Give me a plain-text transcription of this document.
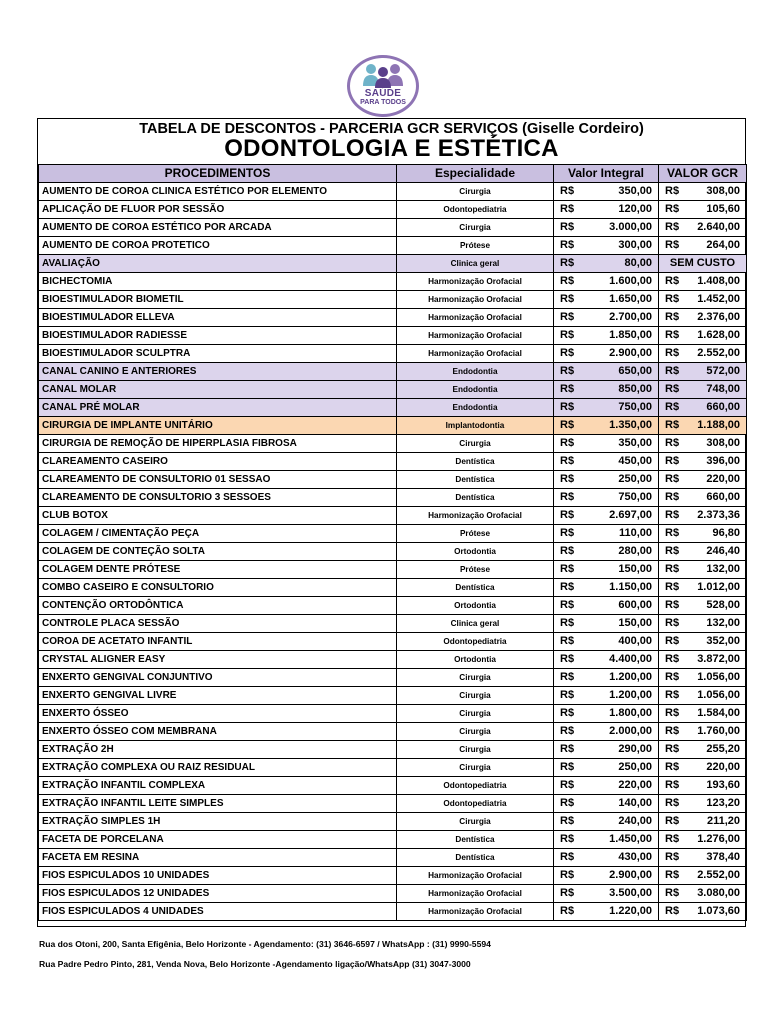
SAÚDE
PARA TODOS
TABELA DE DESCONTOS - PARCERIA GCR SERVIÇOS (Giselle Cordeiro)
ODONTOLOGIA E ESTÉTICA
PROCEDIMENTOS	Especialidade	Valor Integral		VALOR GCR	
AUMENTO DE COROA CLINICA ESTÉTICO POR ELEMENTO	Cirurgia	R$	350,00	R$	308,00
APLICAÇÃO DE FLUOR POR SESSÃO	Odontopediatria	R$	120,00	R$	105,60
AUMENTO DE COROA ESTÉTICO POR ARCADA	Cirurgia	R$	3.000,00	R$	2.640,00
AUMENTO DE COROA PROTETICO	Prótese	R$	300,00	R$	264,00
AVALIAÇÃO	Clinica geral	R$	80,00	SEM CUSTO	
BICHECTOMIA	Harmonização Orofacial	R$	1.600,00	R$	1.408,00
BIOESTIMULADOR BIOMETIL	Harmonização Orofacial	R$	1.650,00	R$	1.452,00
BIOESTIMULADOR ELLEVA	Harmonização Orofacial	R$	2.700,00	R$	2.376,00
BIOESTIMULADOR RADIESSE	Harmonização Orofacial	R$	1.850,00	R$	1.628,00
BIOESTIMULADOR SCULPTRA	Harmonização Orofacial	R$	2.900,00	R$	2.552,00
CANAL CANINO E ANTERIORES	Endodontia	R$	650,00	R$	572,00
CANAL MOLAR	Endodontia	R$	850,00	R$	748,00
CANAL PRÉ MOLAR	Endodontia	R$	750,00	R$	660,00
CIRURGIA DE IMPLANTE UNITÁRIO	Implantodontia	R$	1.350,00	R$	1.188,00
CIRURGIA DE REMOÇÃO DE HIPERPLASIA FIBROSA	Cirurgia	R$	350,00	R$	308,00
CLAREAMENTO CASEIRO	Dentística	R$	450,00	R$	396,00
CLAREAMENTO DE CONSULTORIO 01 SESSAO	Dentística	R$	250,00	R$	220,00
CLAREAMENTO DE CONSULTORIO 3 SESSOES	Dentística	R$	750,00	R$	660,00
CLUB BOTOX	Harmonização Orofacial	R$	2.697,00	R$	2.373,36
COLAGEM / CIMENTAÇÃO PEÇA	Prótese	R$	110,00	R$	96,80
COLAGEM DE CONTEÇÃO SOLTA	Ortodontia	R$	280,00	R$	246,40
COLAGEM DENTE PRÓTESE	Prótese	R$	150,00	R$	132,00
COMBO CASEIRO E CONSULTORIO	Dentística	R$	1.150,00	R$	1.012,00
CONTENÇÃO ORTODÔNTICA	Ortodontia	R$	600,00	R$	528,00
CONTROLE PLACA SESSÃO	Clinica geral	R$	150,00	R$	132,00
COROA DE ACETATO INFANTIL	Odontopediatria	R$	400,00	R$	352,00
CRYSTAL ALIGNER EASY	Ortodontia	R$	4.400,00	R$	3.872,00
ENXERTO GENGIVAL CONJUNTIVO	Cirurgia	R$	1.200,00	R$	1.056,00
ENXERTO GENGIVAL LIVRE	Cirurgia	R$	1.200,00	R$	1.056,00
ENXERTO ÓSSEO	Cirurgia	R$	1.800,00	R$	1.584,00
ENXERTO ÓSSEO COM MEMBRANA	Cirurgia	R$	2.000,00	R$	1.760,00
EXTRAÇÃO 2H	Cirurgia	R$	290,00	R$	255,20
EXTRAÇÃO COMPLEXA OU RAIZ RESIDUAL	Cirurgia	R$	250,00	R$	220,00
EXTRAÇÃO INFANTIL COMPLEXA	Odontopediatria	R$	220,00	R$	193,60
EXTRAÇÃO INFANTIL LEITE SIMPLES	Odontopediatria	R$	140,00	R$	123,20
EXTRAÇÃO SIMPLES 1H	Cirurgia	R$	240,00	R$	211,20
FACETA DE PORCELANA	Dentística	R$	1.450,00	R$	1.276,00
FACETA EM RESINA	Dentística	R$	430,00	R$	378,40
FIOS ESPICULADOS 10 UNIDADES	Harmonização Orofacial	R$	2.900,00	R$	2.552,00
FIOS ESPICULADOS 12 UNIDADES	Harmonização Orofacial	R$	3.500,00	R$	3.080,00
FIOS ESPICULADOS 4 UNIDADES	Harmonização Orofacial	R$	1.220,00	R$	1.073,60
Rua dos Otoni, 200, Santa Efigênia, Belo Horizonte - Agendamento: (31) 3646-6597 / WhatsApp : (31) 9990-5594
Rua Padre Pedro Pinto, 281, Venda Nova, Belo Horizonte -Agendamento ligação/WhatsApp (31) 3047-3000
